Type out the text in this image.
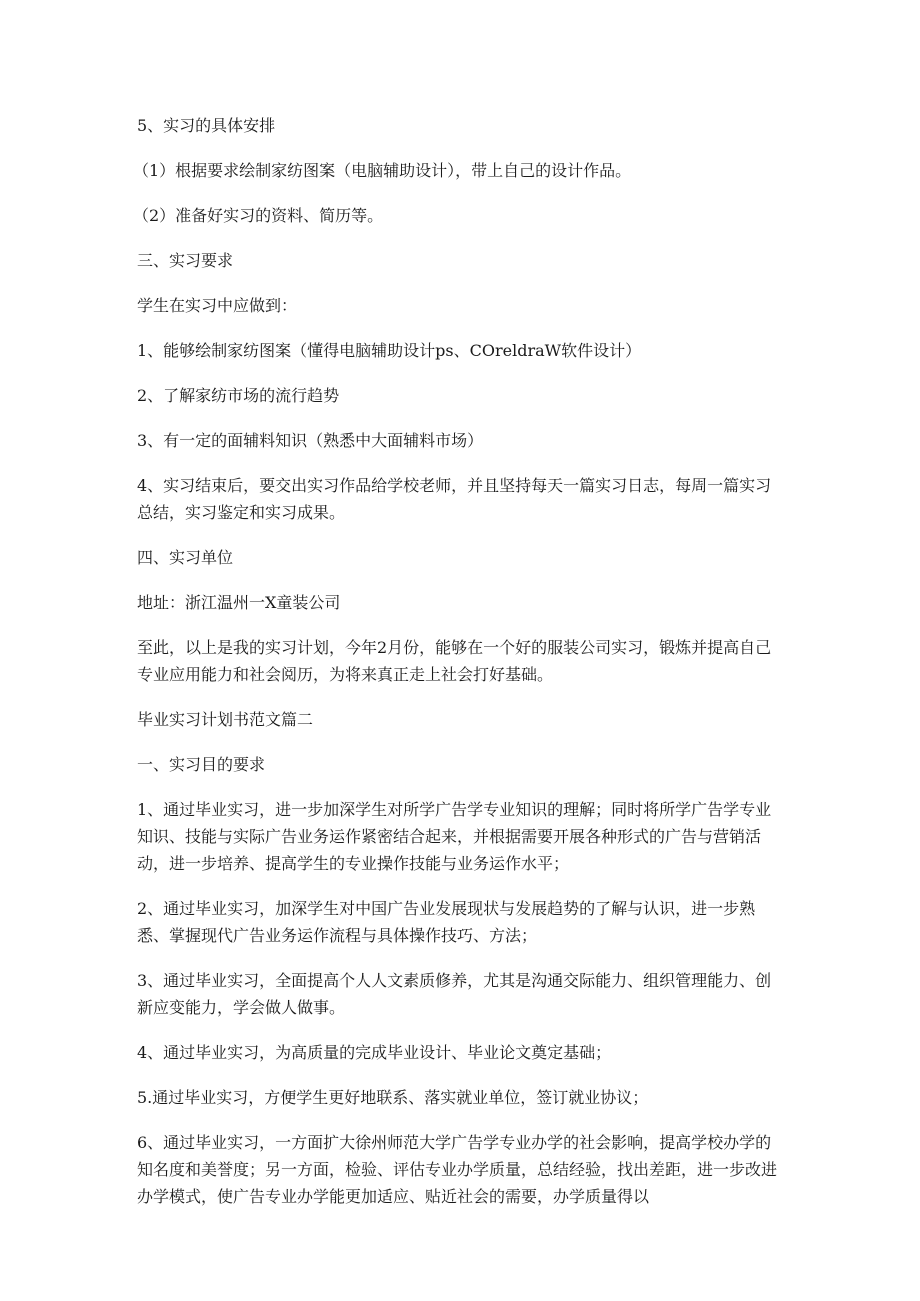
5、实习的具体安排

（1）根据要求绘制家纺图案（电脑辅助设计），带上自己的设计作品。

（2）准备好实习的资料、简历等。

三、实习要求

学生在实习中应做到：

1、能够绘制家纺图案（懂得电脑辅助设计ps、COreldraW软件设计）

2、了解家纺市场的流行趋势

3、有一定的面辅料知识（熟悉中大面辅料市场）

4、实习结束后，要交出实习作品给学校老师，并且坚持每天一篇实习日志，每周一篇实习总结，实习鉴定和实习成果。

四、实习单位

地址：浙江温州一X童装公司

至此，以上是我的实习计划，今年2月份，能够在一个好的服装公司实习，锻炼并提高自己专业应用能力和社会阅历，为将来真正走上社会打好基础。

毕业实习计划书范文篇二

一、实习目的要求

1、通过毕业实习，进一步加深学生对所学广告学专业知识的理解；同时将所学广告学专业知识、技能与实际广告业务运作紧密结合起来，并根据需要开展各种形式的广告与营销活动，进一步培养、提高学生的专业操作技能与业务运作水平；

2、通过毕业实习，加深学生对中国广告业发展现状与发展趋势的了解与认识，进一步熟悉、掌握现代广告业务运作流程与具体操作技巧、方法；

3、通过毕业实习，全面提高个人人文素质修养，尤其是沟通交际能力、组织管理能力、创新应变能力，学会做人做事。

4、通过毕业实习，为高质量的完成毕业设计、毕业论文奠定基础；

5.通过毕业实习，方便学生更好地联系、落实就业单位，签订就业协议；

6、通过毕业实习，一方面扩大徐州师范大学广告学专业办学的社会影响，提高学校办学的知名度和美誉度；另一方面，检验、评估专业办学质量，总结经验，找出差距，进一步改进办学模式，使广告专业办学能更加适应、贴近社会的需要，办学质量得以
